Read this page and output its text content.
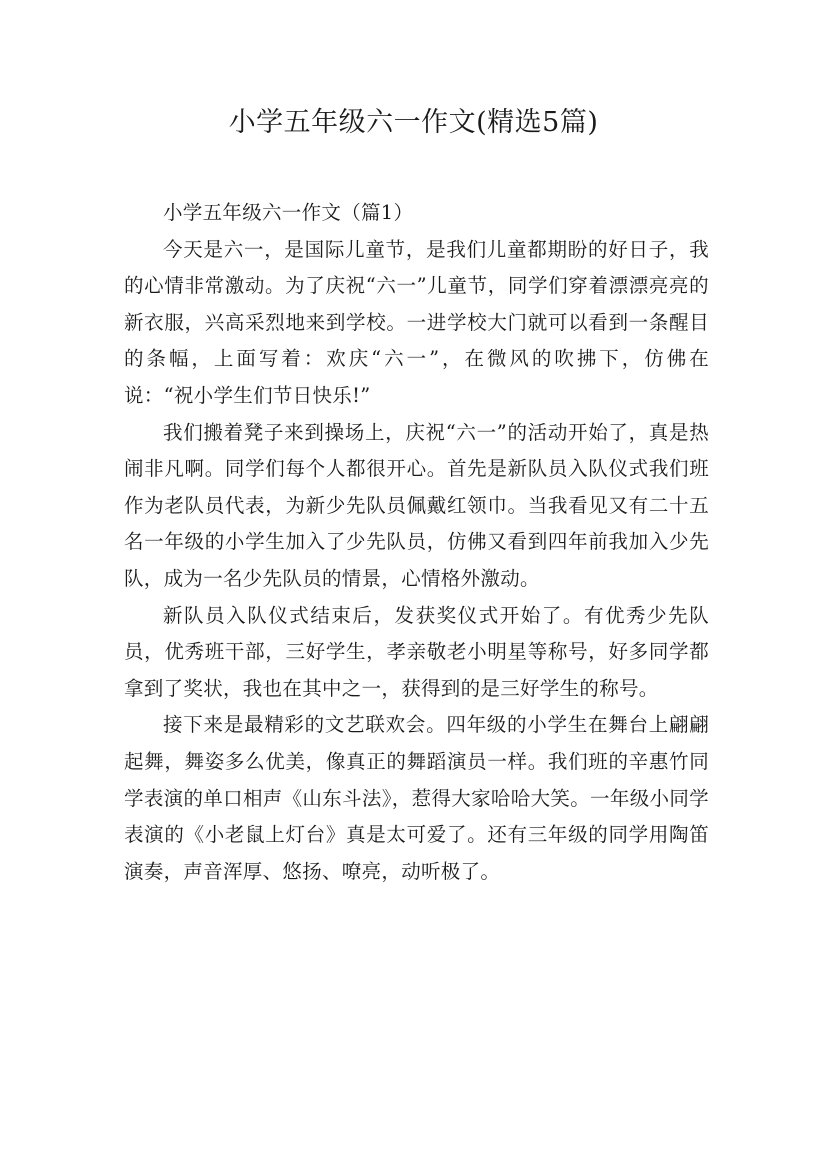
小学五年级六一作文(精选5篇)

小学五年级六一作文（篇1）

今天是六一，是国际儿童节，是我们儿童都期盼的好日子，我的心情非常激动。为了庆祝“六一”儿童节，同学们穿着漂漂亮亮的新衣服，兴高采烈地来到学校。一进学校大门就可以看到一条醒目的条幅，上面写着：欢庆“六一”，在微风的吹拂下，仿佛在说：“祝小学生们节日快乐!”

我们搬着凳子来到操场上，庆祝“六一”的活动开始了，真是热闹非凡啊。同学们每个人都很开心。首先是新队员入队仪式我们班作为老队员代表，为新少先队员佩戴红领巾。当我看见又有二十五名一年级的小学生加入了少先队员，仿佛又看到四年前我加入少先队，成为一名少先队员的情景，心情格外激动。

新队员入队仪式结束后，发获奖仪式开始了。有优秀少先队员，优秀班干部，三好学生，孝亲敬老小明星等称号，好多同学都拿到了奖状，我也在其中之一，获得到的是三好学生的称号。

接下来是最精彩的文艺联欢会。四年级的小学生在舞台上翩翩起舞，舞姿多么优美，像真正的舞蹈演员一样。我们班的辛惠竹同学表演的单口相声《山东斗法》，惹得大家哈哈大笑。一年级小同学表演的《小老鼠上灯台》真是太可爱了。还有三年级的同学用陶笛演奏，声音浑厚、悠扬、嘹亮，动听极了。
